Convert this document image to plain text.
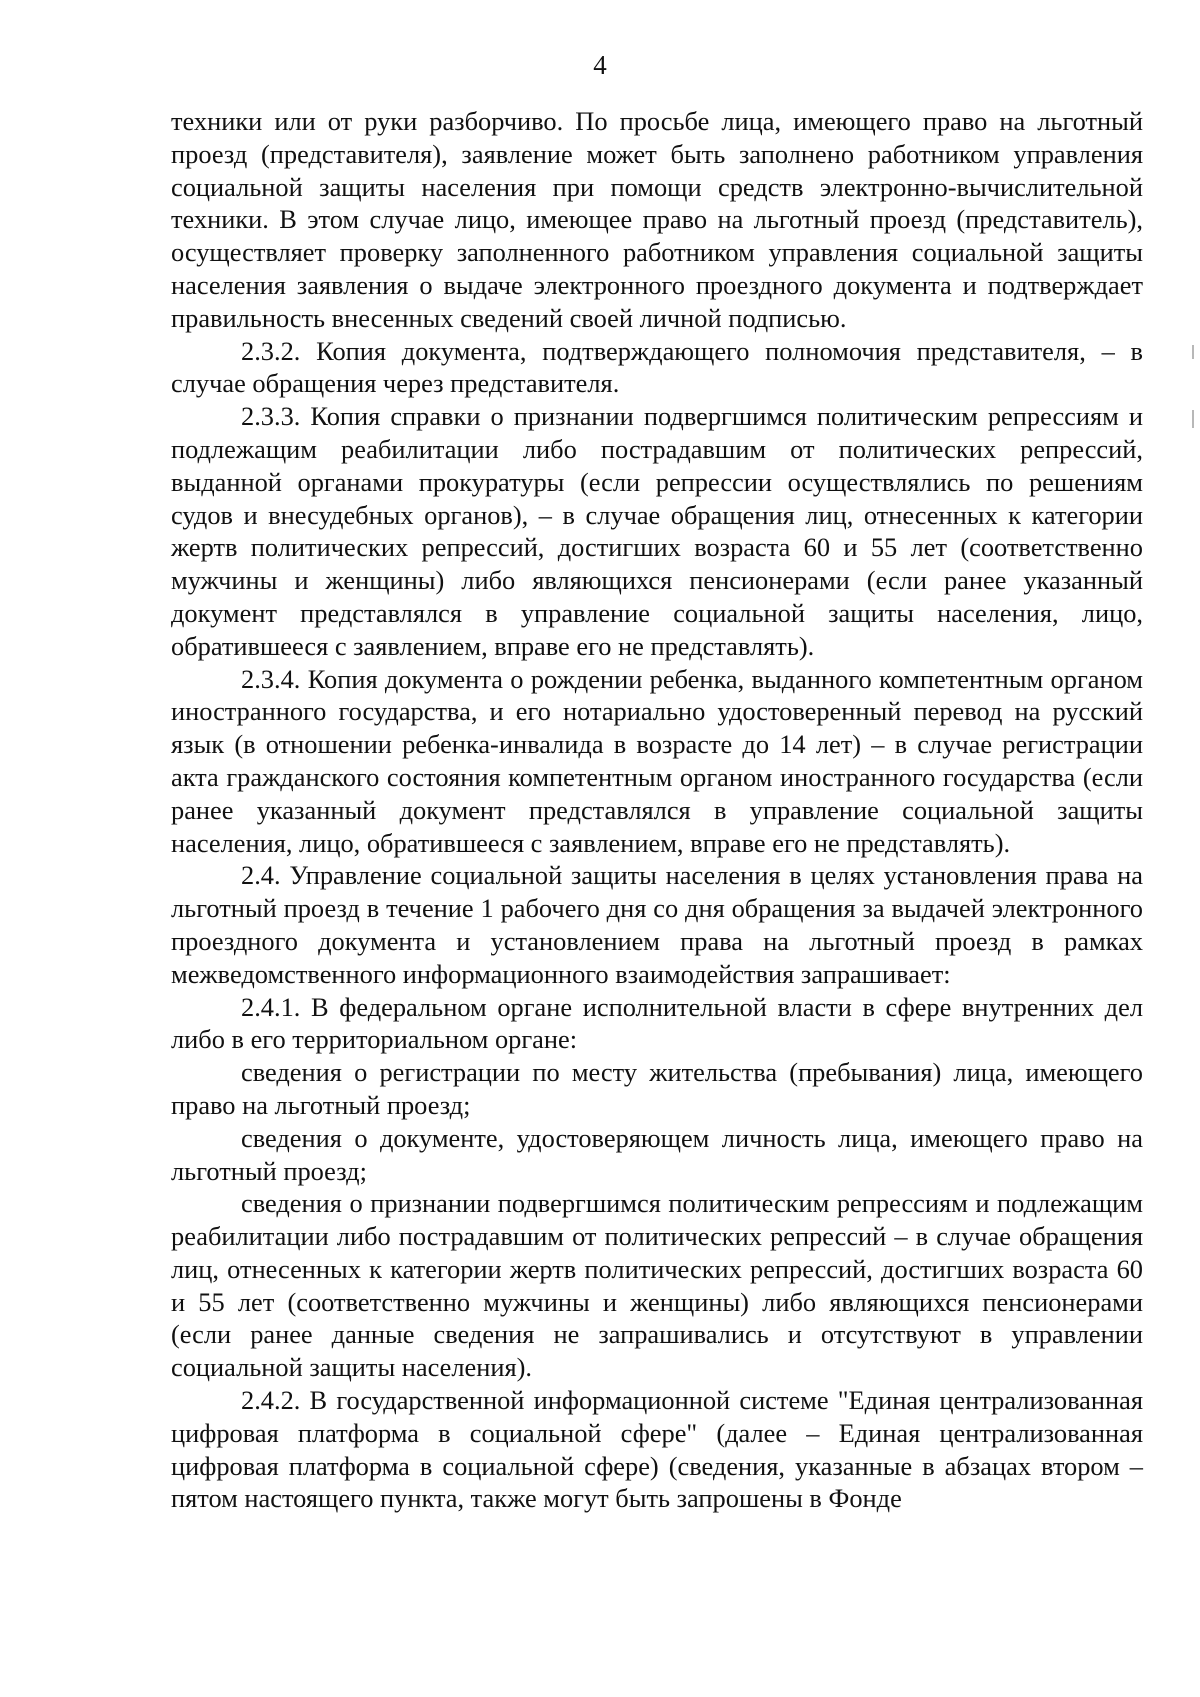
4

техники или от руки разборчиво. По просьбе лица, имеющего право на льготный проезд (представителя), заявление может быть заполнено работником управления социальной защиты населения при помощи средств электронно-вычислительной техники. В этом случае лицо, имеющее право на льготный проезд (представитель), осуществляет проверку заполненного работником управления социальной защиты населения заявления о выдаче электронного проездного документа и подтверждает правильность внесенных сведений своей личной подписью.

2.3.2. Копия документа, подтверждающего полномочия представителя, – в случае обращения через представителя.

2.3.3. Копия справки о признании подвергшимся политическим репрессиям и подлежащим реабилитации либо пострадавшим от политических репрессий, выданной органами прокуратуры (если репрессии осуществлялись по решениям судов и внесудебных органов), – в случае обращения лиц, отнесенных к категории жертв политических репрессий, достигших возраста 60 и 55 лет (соответственно мужчины и женщины) либо являющихся пенсионерами (если ранее указанный документ представлялся в управление социальной защиты населения, лицо, обратившееся с заявлением, вправе его не представлять).

2.3.4. Копия документа о рождении ребенка, выданного компетентным органом иностранного государства, и его нотариально удостоверенный перевод на русский язык (в отношении ребенка-инвалида в возрасте до 14 лет) – в случае регистрации акта гражданского состояния компетентным органом иностранного государства (если ранее указанный документ представлялся в управление социальной защиты населения, лицо, обратившееся с заявлением, вправе его не представлять).

2.4. Управление социальной защиты населения в целях установления права на льготный проезд в течение 1 рабочего дня со дня обращения за выдачей электронного проездного документа и установлением права на льготный проезд в рамках межведомственного информационного взаимодействия запрашивает:

2.4.1. В федеральном органе исполнительной власти в сфере внутренних дел либо в его территориальном органе:

сведения о регистрации по месту жительства (пребывания) лица, имеющего право на льготный проезд;

сведения о документе, удостоверяющем личность лица, имеющего право на льготный проезд;

сведения о признании подвергшимся политическим репрессиям и подлежащим реабилитации либо пострадавшим от политических репрессий – в случае обращения лиц, отнесенных к категории жертв политических репрессий, достигших возраста 60 и 55 лет (соответственно мужчины и женщины) либо являющихся пенсионерами (если ранее данные сведения не запрашивались и отсутствуют в управлении социальной защиты населения).

2.4.2. В государственной информационной системе "Единая централизованная цифровая платформа в социальной сфере" (далее – Единая централизованная цифровая платформа в социальной сфере) (сведения, указанные в абзацах втором – пятом настоящего пункта, также могут быть запрошены в Фонде
